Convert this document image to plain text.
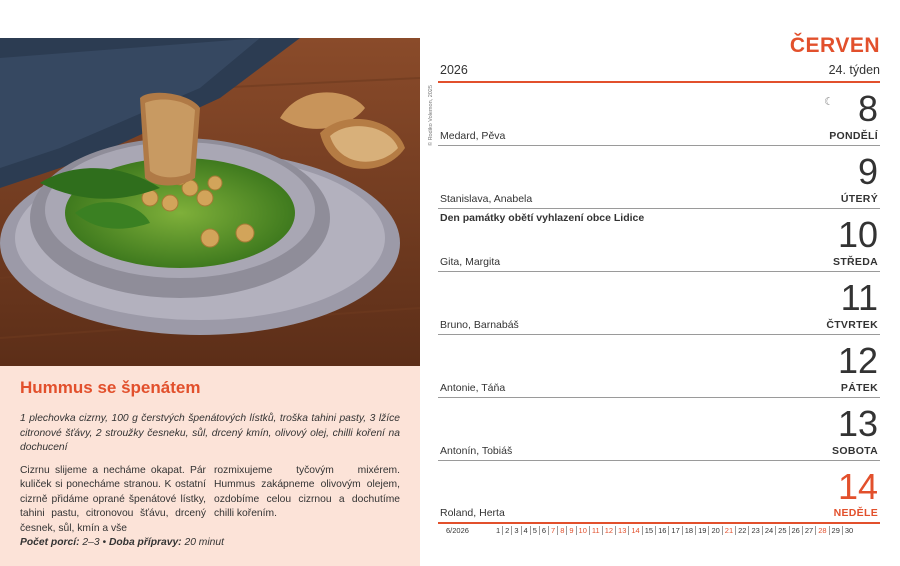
Hummus se špenátem
1 plechovka cizrny, 100 g čerstvých špenátových lístků, troška tahini pasty, 3 lžíce citronové šťávy, 2 stroužky česneku, sůl, drcený kmín, olivový olej, chilli koření na dochucení

Cizrnu slijeme a necháme okapat. Pár kuliček si ponecháme stranou. K ostatní cizrně přidáme oprané špenátové lístky, tahini pastu, citronovou šťávu, drcený česnek, sůl, kmín a vše

rozmixujeme tyčovým mixérem. Hummus zakápneme olivovým olejem, ozdobíme celou cizrnou a dochutíme chilli kořením.

Počet porcí: 2–3 • Doba přípravy: 20 minut
© Rodiko Volemon, 2025
ČERVEN
2026	24. týden
☾ 8
PONDĚLÍ
Medard, Pěva
9
ÚTERÝ
Stanislava, Anabela
Den památky obětí vyhlazení obce Lidice	10
STŘEDA
Gita, Margita
11
ČTVRTEK
Bruno, Barnabáš
12
PÁTEK
Antonie, Táňa
13
SOBOTA
Antonín, Tobiáš
14
NEDĚLE
Roland, Herta
6/2026	1 2 3 4 5 6 7 8 9 10 11 12 13 14 15 16 17 18 19 20 21 22 23 24 25 26 27 28 29 30
